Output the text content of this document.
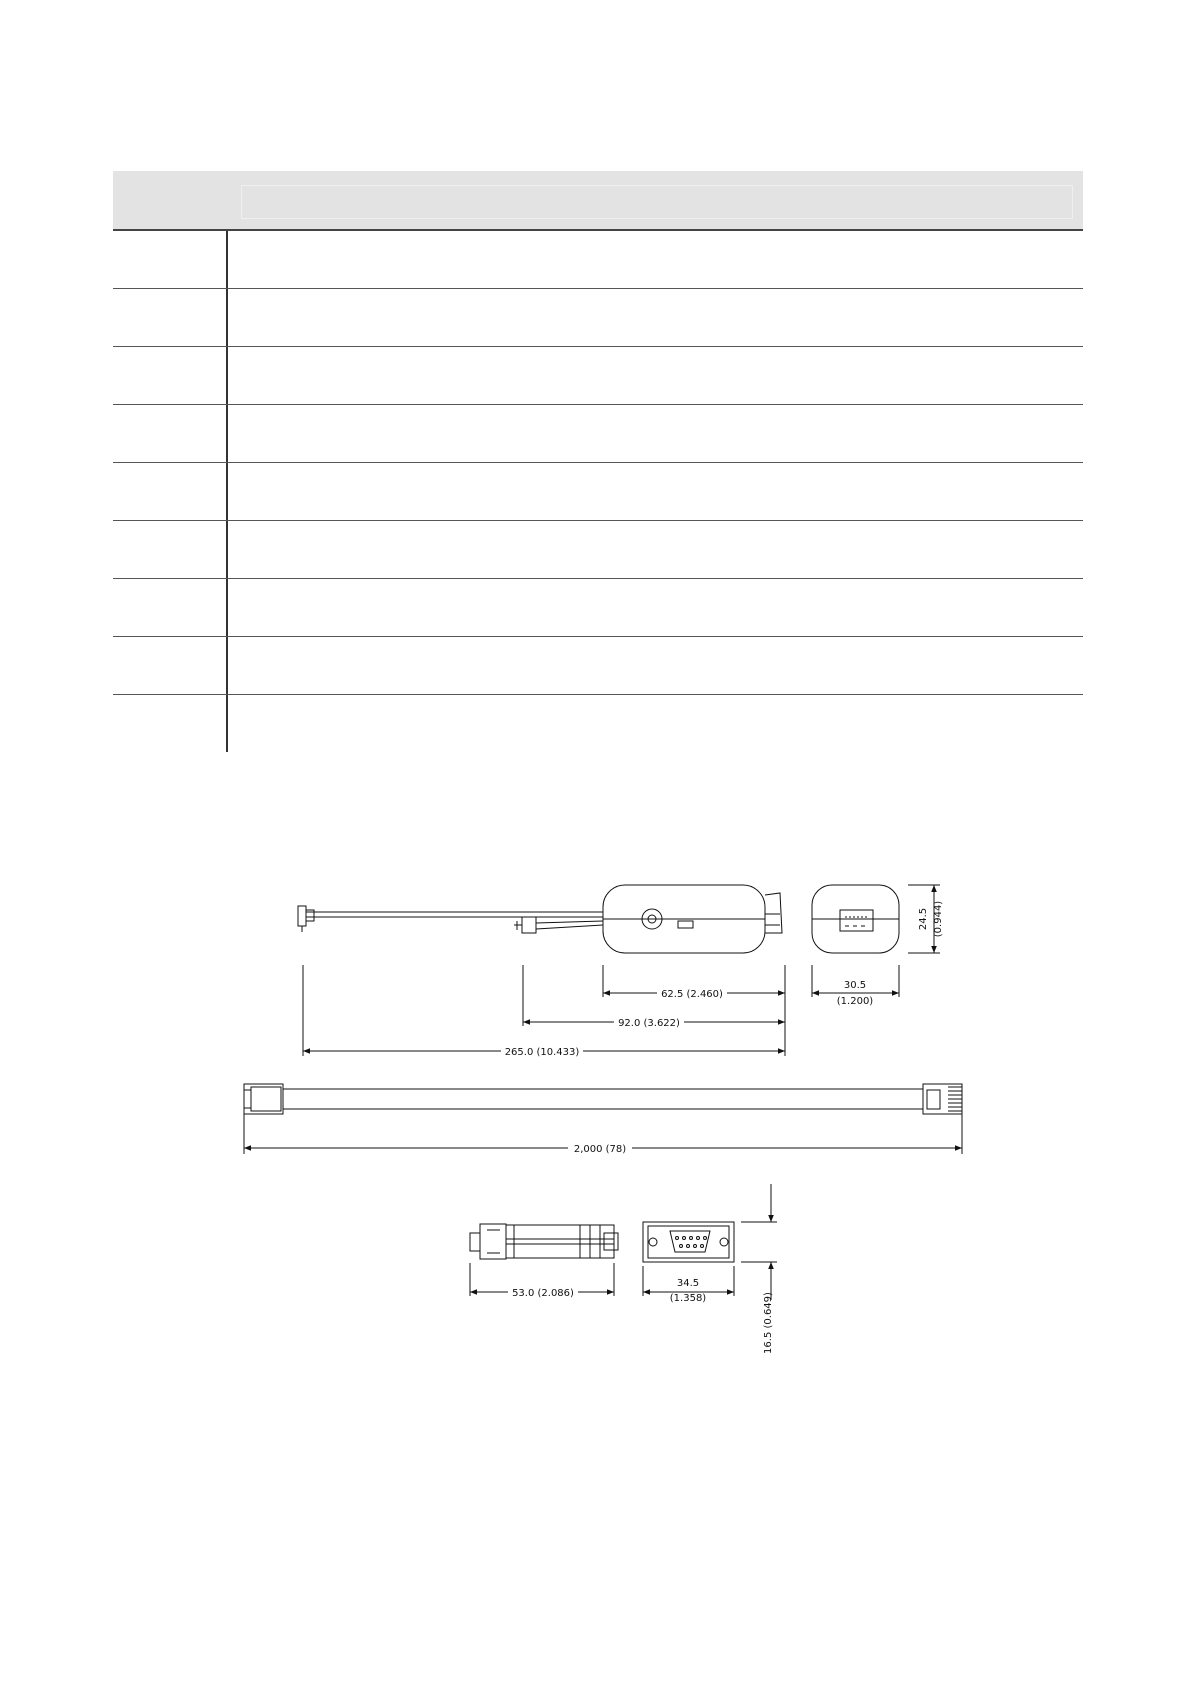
62.5 (2.460)
92.0 (3.622)
265.0 (10.433)
30.5
(1.200)
24.5 (0.944)
2,000 (78)
53.0 (2.086)
34.5
(1.358)	16.5 (0.649)
